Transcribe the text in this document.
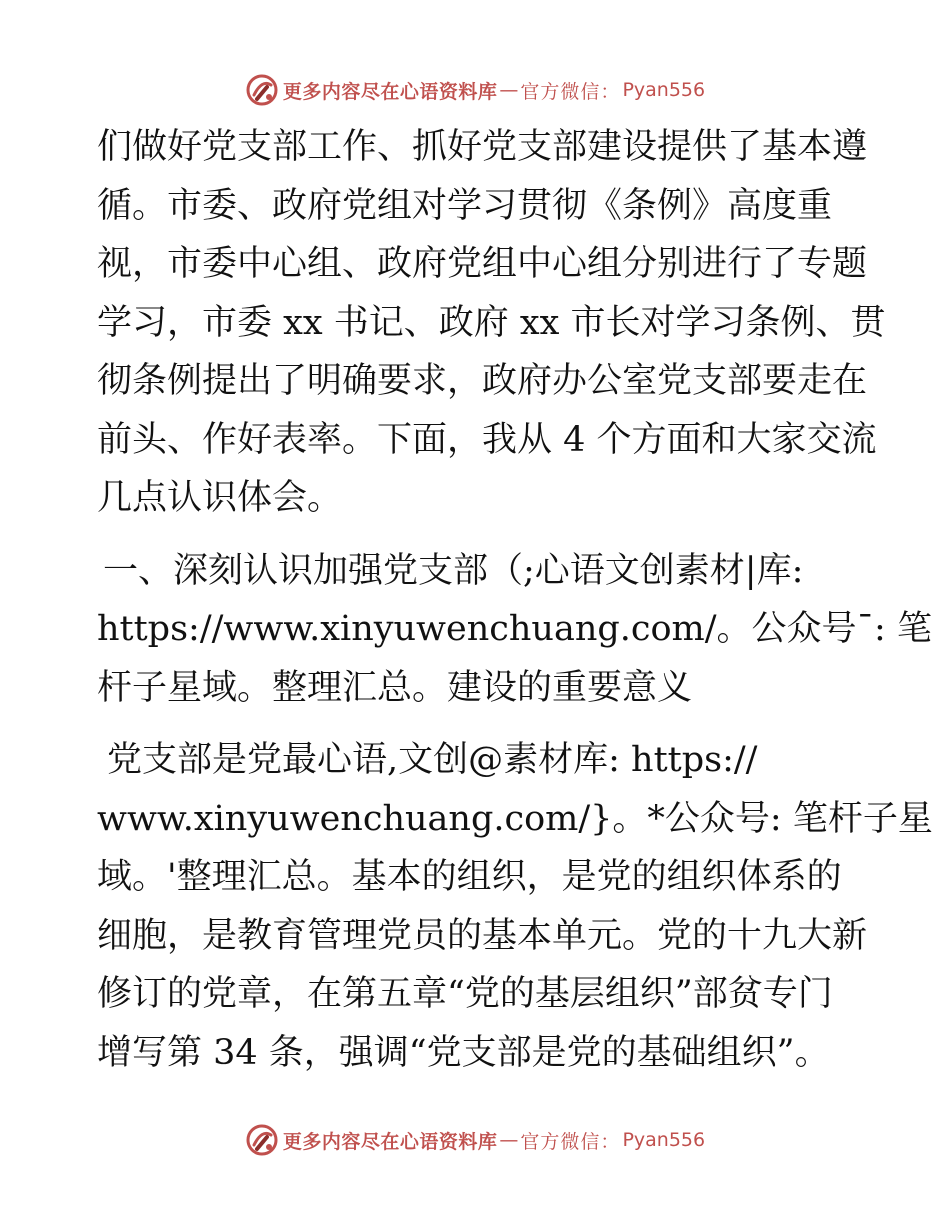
更多内容尽在心语资料库 — 官方微信： Pyan556

们做好党支部工作、抓好党支部建设提供了基本遵
循。市委、政府党组对学习贯彻《条例》高度重
视，市委中心组、政府党组中心组分别进行了专题
学习，市委 xx 书记、政府 xx 市长对学习条例、贯
彻条例提出了明确要求，政府办公室党支部要走在
前头、作好表率。下面，我从 4 个方面和大家交流
几点认识体会。

一、深刻认识加强党支部（;心语文创素材|库:
https://www.xinyuwenchuang.com/。公众号¯: 笔
杆子星域。整理汇总。建设的重要意义

党支部是党最心语,文创@素材库: https://
www.xinyuwenchuang.com/}。*公众号: 笔杆子星
域。'整理汇总。基本的组织，是党的组织体系的
细胞，是教育管理党员的基本单元。党的十九大新
修订的党章，在第五章“党的基层组织”部贫专门
增写第 34 条，强调“党支部是党的基础组织”。

更多内容尽在心语资料库 — 官方微信： Pyan556
